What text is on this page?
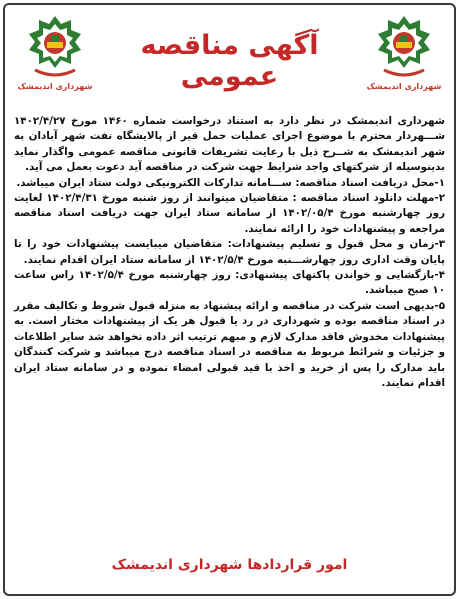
شهرداری اندیمشک
آگهی مناقصه عمومی
شهرداری اندیمشک

شهرداری اندیمشک در نظر دارد به استناد درخواست شماره ۱۴۶۰ مورخ ۱۴۰۲/۴/۲۷ شـــهردار محترم با موضوع اجرای عملیات حمل قیر از پالایشگاه نفت شهر آبادان به شهر اندیمشک به شــرح ذیل با رعایت تشریفات قانونی مناقصه عمومی واگذار نماید بدینوسیله از شرکتهای واجد شرایط جهت شرکت در مناقصه آید دعوت بعمل می آید.

۱-محل دریافت اسناد مناقصه: ســـامانه تدارکات الکترونیکی دولت ستاد ایران میباشد.

۲-مهلت دانلود اسناد مناقصه : متقاضیان میتوانند از روز شنبه مورخ ۱۴۰۲/۴/۳۱ لغایت روز چهارشنبه مورخ ۱۴۰۲/۰۵/۴ از سامانه ستاد ایران جهت دریافت اسناد مناقصه مراجعه و پیشنهادات خود را ارائه نمایند.

۳-زمان و محل قبول و تسلیم پیشنهادات: متقاضیان میبایست پیشنهادات خود را تا پایان وقت اداری روز چهارشـــنبه مورخ ۱۴۰۲/۵/۴ از سامانه ستاد ایران اقدام نمایند.

۴-بازگشایی و خواندن پاکتهای پیشنهادی: روز چهارشنبه مورخ ۱۴۰۲/۵/۴ راس ساعت ۱۰ صبح میباشد.

۵-بدیهی است شرکت در مناقصه و ارائه پیشنهاد به منزله قبول شروط و تکالیف مقرر در اسناد مناقصه بوده و شهرداری در رد یا قبول هر یک از پیشنهادات مختار است. به پیشنهادات مخدوش فاقد مدارک لازم و مبهم ترتیب اثر داده نخواهد شد سایر اطلاعات و جزئیات و شرائط مربوط به مناقصه در اسناد مناقصه درج میباشد و شرکت کنندگان باید مدارک را پس از خرید و اخذ با قید قبولی امضاء نموده و در سامانه ستاد ایران اقدام نمایند.

امور قراردادها شهرداری اندیمشک
